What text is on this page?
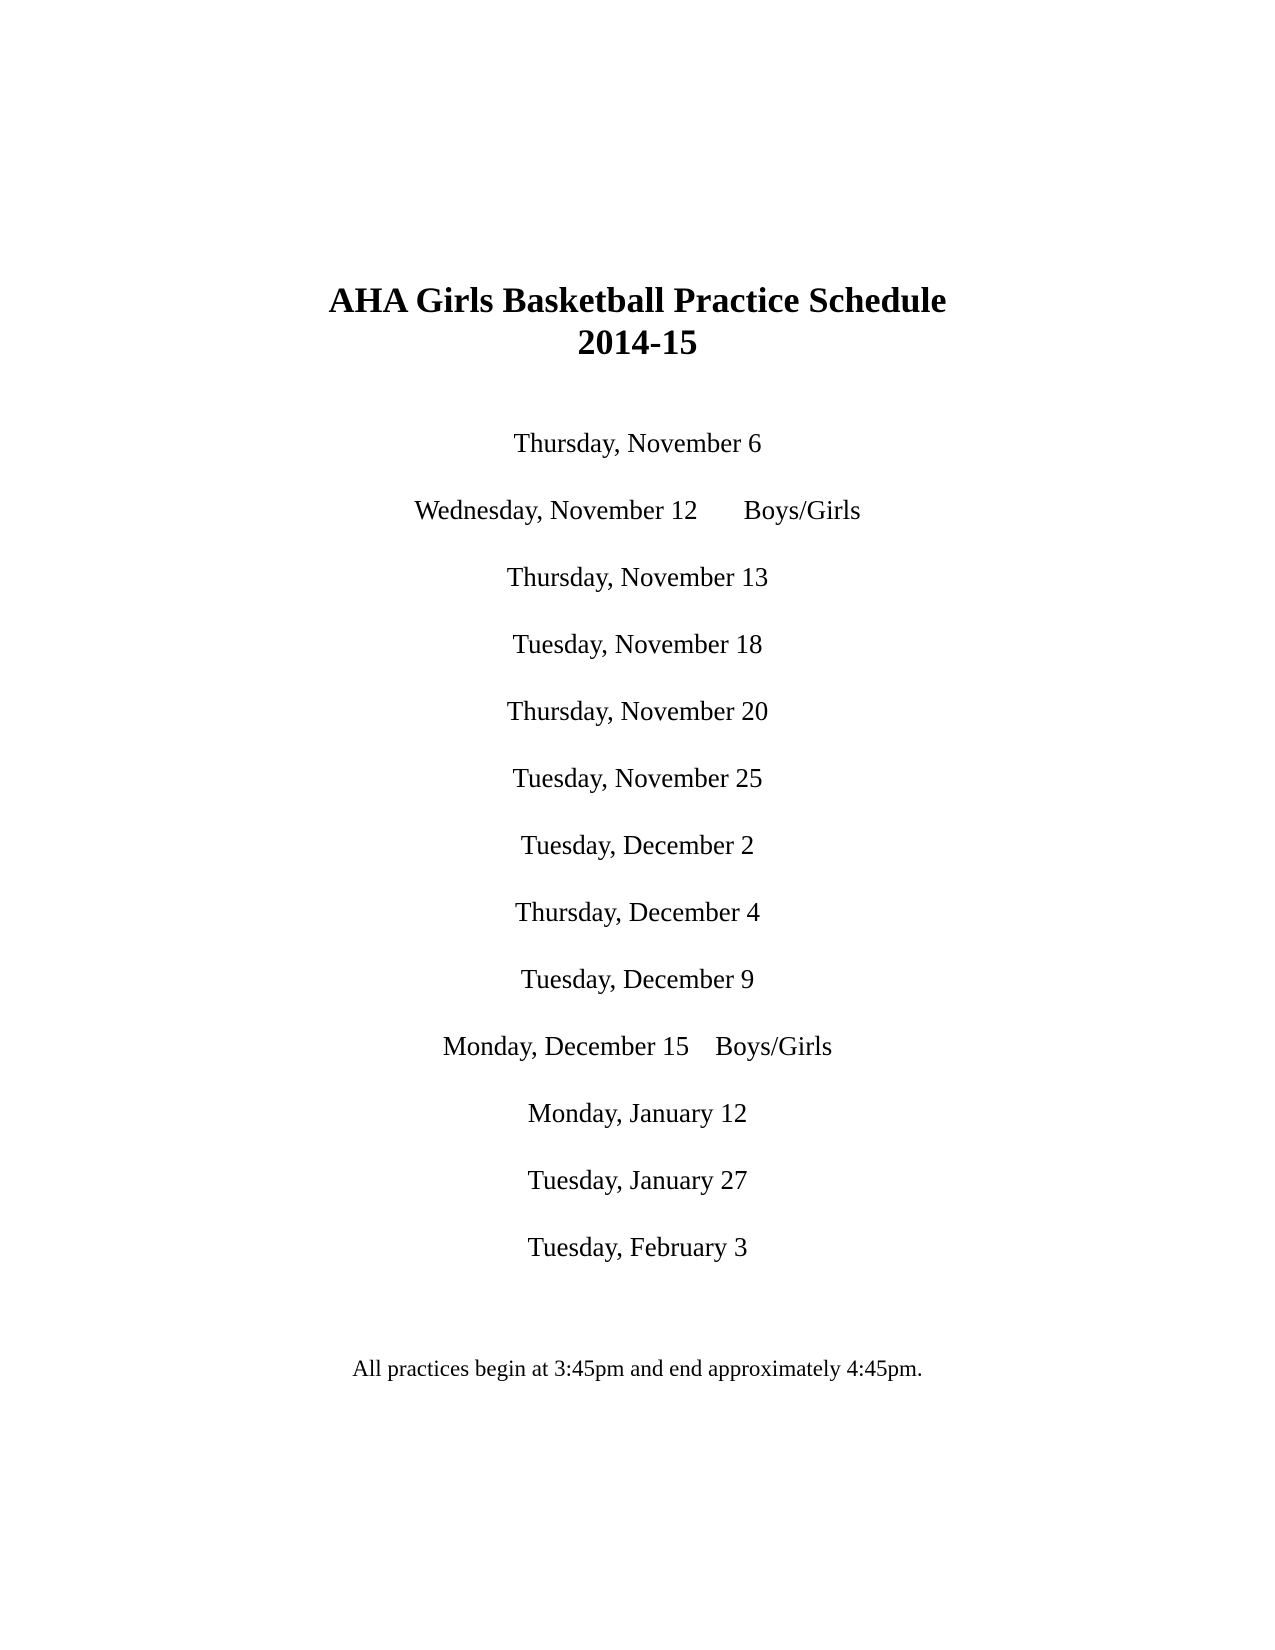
AHA Girls Basketball Practice Schedule
2014-15
Thursday, November 6
Wednesday, November 12 Boys/Girls
Thursday, November 13
Tuesday, November 18
Thursday, November 20
Tuesday, November 25
Tuesday, December 2
Thursday, December 4
Tuesday, December 9
Monday, December 15 Boys/Girls
Monday, January 12
Tuesday, January 27
Tuesday, February 3

All practices begin at 3:45pm and end approximately 4:45pm.
